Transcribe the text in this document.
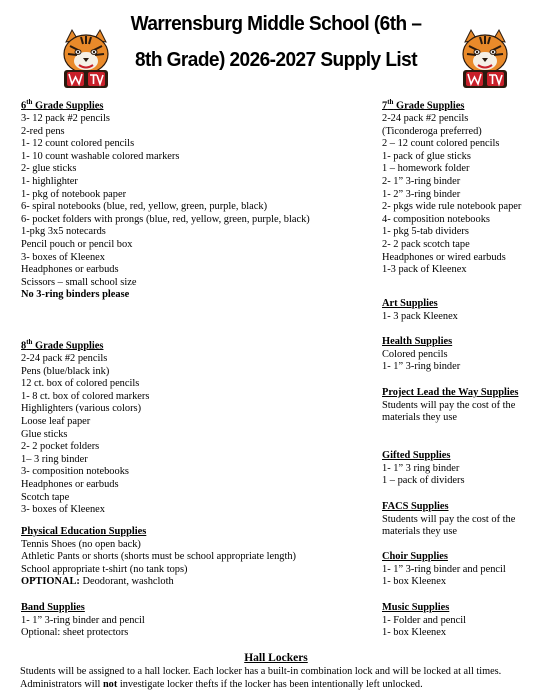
Warrensburg Middle School (6th –
8th Grade) 2026-2027 Supply List
6th Grade Supplies
3- 12 pack #2 pencils
2-red pens
1- 12 count colored pencils
1- 10 count washable colored markers
2- glue sticks
1- highlighter
1- pkg of notebook paper
6- spiral notebooks (blue, red, yellow, green, purple, black)
6- pocket folders with prongs (blue, red, yellow, green, purple, black)
1-pkg 3x5 notecards
Pencil pouch or pencil box
3- boxes of Kleenex
Headphones or earbuds
Scissors – small school size
No 3-ring binders please
7th Grade Supplies
2-24 pack #2 pencils
(Ticonderoga preferred)
2 – 12 count colored pencils
1- pack of glue sticks
1 – homework folder
2- 1” 3-ring binder
1- 2” 3-ring binder
2- pkgs wide rule notebook paper
4- composition notebooks
1- pkg 5-tab dividers
2- 2 pack scotch tape
Headphones or wired earbuds
1-3 pack of Kleenex
Art Supplies
1- 3 pack Kleenex
Health Supplies
Colored pencils
1- 1” 3-ring binder
Project Lead the Way Supplies
Students will pay the cost of the
materials they use
Gifted Supplies
1- 1” 3 ring binder
1 – pack of dividers
FACS Supplies
Students will pay the cost of the
materials they use
Choir Supplies
1- 1” 3-ring binder and pencil
1- box Kleenex
Music Supplies
1- Folder and pencil
1- box Kleenex
8th Grade Supplies
2-24 pack #2 pencils
Pens (blue/black ink)
12 ct. box of colored pencils
1- 8 ct. box of colored markers
Highlighters (various colors)
Loose leaf paper
Glue sticks
2- 2 pocket folders
1– 3 ring binder
3- composition notebooks
Headphones or earbuds
Scotch tape
3- boxes of Kleenex
Physical Education Supplies
Tennis Shoes (no open back)
Athletic Pants or shorts (shorts must be school appropriate length)
School appropriate t-shirt (no tank tops)
OPTIONAL: Deodorant, washcloth
Band Supplies
1- 1” 3-ring binder and pencil
Optional: sheet protectors
Hall Lockers
Students will be assigned to a hall locker. Each locker has a built-in combination lock and will be locked at all times. Administrators will not investigate locker thefts if the locker has been intentionally left unlocked.
